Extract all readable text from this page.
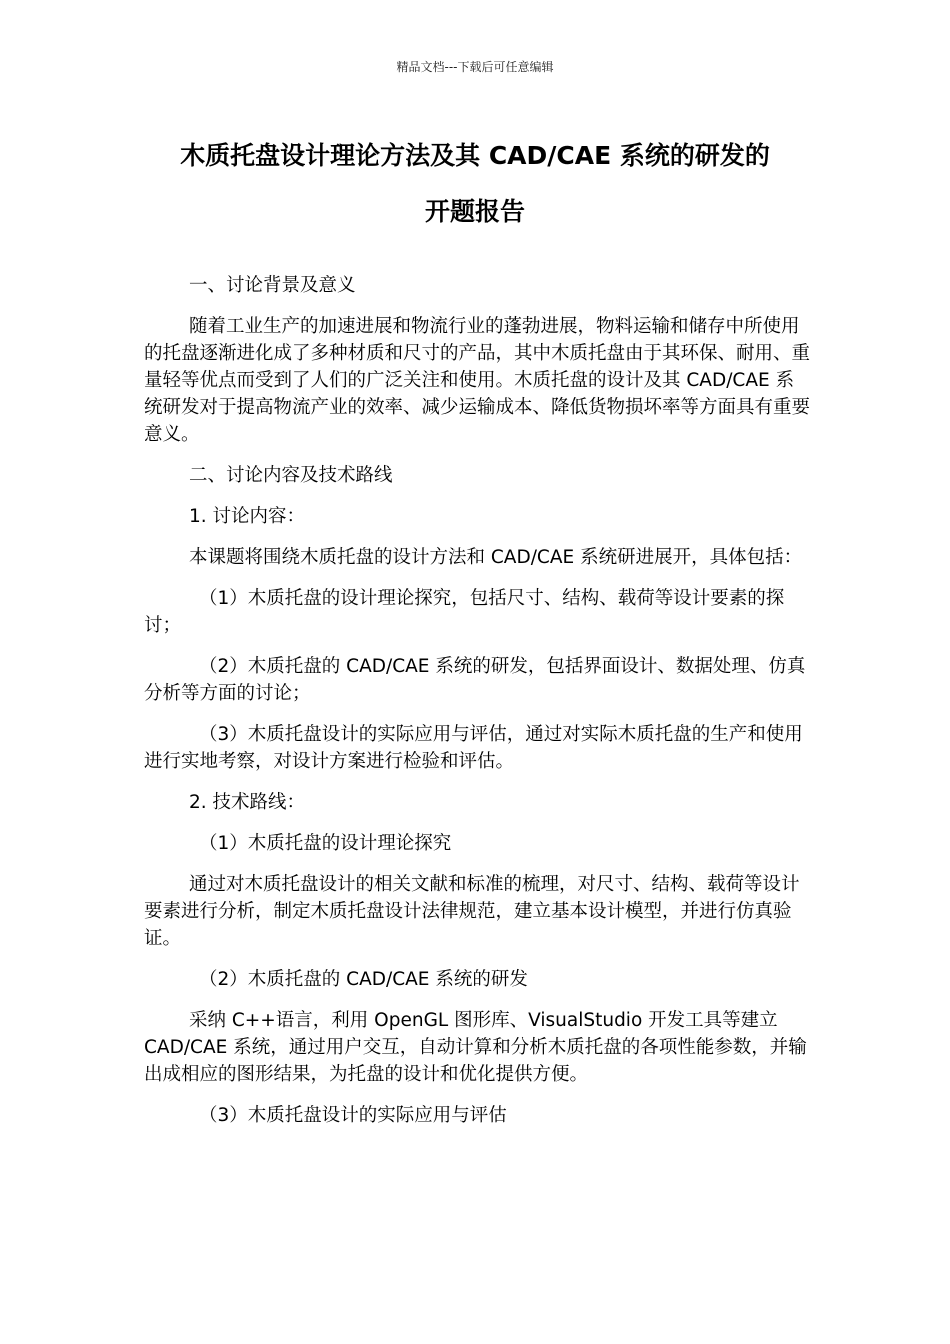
精品文档---下载后可任意编辑
木质托盘设计理论方法及其 CAD/CAE 系统的研发的
开题报告

一、讨论背景及意义

随着工业生产的加速进展和物流行业的蓬勃进展，物料运输和储存中所使用的托盘逐渐进化成了多种材质和尺寸的产品，其中木质托盘由于其环保、耐用、重量轻等优点而受到了人们的广泛关注和使用。木质托盘的设计及其 CAD/CAE 系统研发对于提高物流产业的效率、减少运输成本、降低货物损坏率等方面具有重要意义。

二、讨论内容及技术路线

1. 讨论内容：

本课题将围绕木质托盘的设计方法和 CAD/CAE 系统研进展开，具体包括：

（1）木质托盘的设计理论探究，包括尺寸、结构、载荷等设计要素的探讨；

（2）木质托盘的 CAD/CAE 系统的研发，包括界面设计、数据处理、仿真分析等方面的讨论；

（3）木质托盘设计的实际应用与评估，通过对实际木质托盘的生产和使用进行实地考察，对设计方案进行检验和评估。

2. 技术路线：

（1）木质托盘的设计理论探究

通过对木质托盘设计的相关文献和标准的梳理，对尺寸、结构、载荷等设计要素进行分析，制定木质托盘设计法律规范，建立基本设计模型，并进行仿真验证。

（2）木质托盘的 CAD/CAE 系统的研发

采纳 C++语言，利用 OpenGL 图形库、VisualStudio 开发工具等建立 CAD/CAE 系统，通过用户交互，自动计算和分析木质托盘的各项性能参数，并输出成相应的图形结果，为托盘的设计和优化提供方便。

（3）木质托盘设计的实际应用与评估
